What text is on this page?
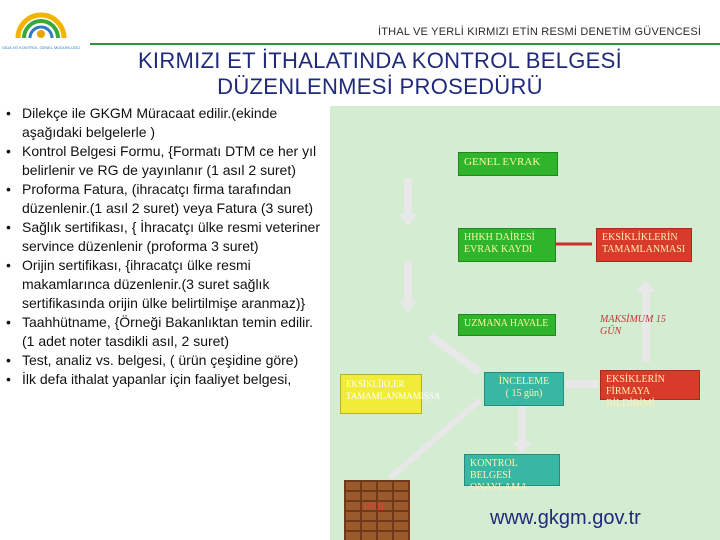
GIDA VE KONTROL GENEL MÜDÜRLÜĞÜ
İTHAL VE YERLİ KIRMIZI ETİN RESMİ DENETİM GÜVENCESİ
KIRMIZI ET İTHALATINDA KONTROL BELGESİ
DÜZENLENMESİ PROSEDÜRÜ
• Dilekçe ile GKGM Müracaat edilir.(ekinde aşağıdaki belgelerle )
• Kontrol Belgesi Formu, {Formatı DTM ce her yıl belirlenir ve RG de yayınlanır (1 asıl 2 suret)
• Proforma Fatura, (ihracatçı firma tarafından düzenlenir.(1 asıl 2 suret) veya Fatura (3 suret)
• Sağlık sertifikası, { İhracatçı ülke resmi veteriner servince düzenlenir (proforma 3 suret)
• Orijin sertifikası, {ihracatçı ülke resmi makamlarınca düzenlenir.(3 suret sağlık sertifikasında orijin ülke belirtilmişe aranmaz)}
• Taahhütname, {Örneği Bakanlıktan temin edilir. (1 adet noter tasdikli asıl, 2 suret)
• Test, analiz vs. belgesi, ( ürün çeşidine göre)
• İlk defa ithalat yapanlar için faaliyet belgesi,
GENEL EVRAK
HHKH DAİRESİ EVRAK KAYDI
EKSİKLİKLERİN TAMAMLANMASI
MAKSİMUM 15 GÜN
UZMANA HAVALE
İNCELEME
( 15 gün)
EKSİKLERİN FİRMAYA BİLDİRİMİ
EKSİKLİKLER TAMAMLANMAMIŞSA
KONTROL BELGESİ ONAYLAMA
RED	www.gkgm.gov.tr
